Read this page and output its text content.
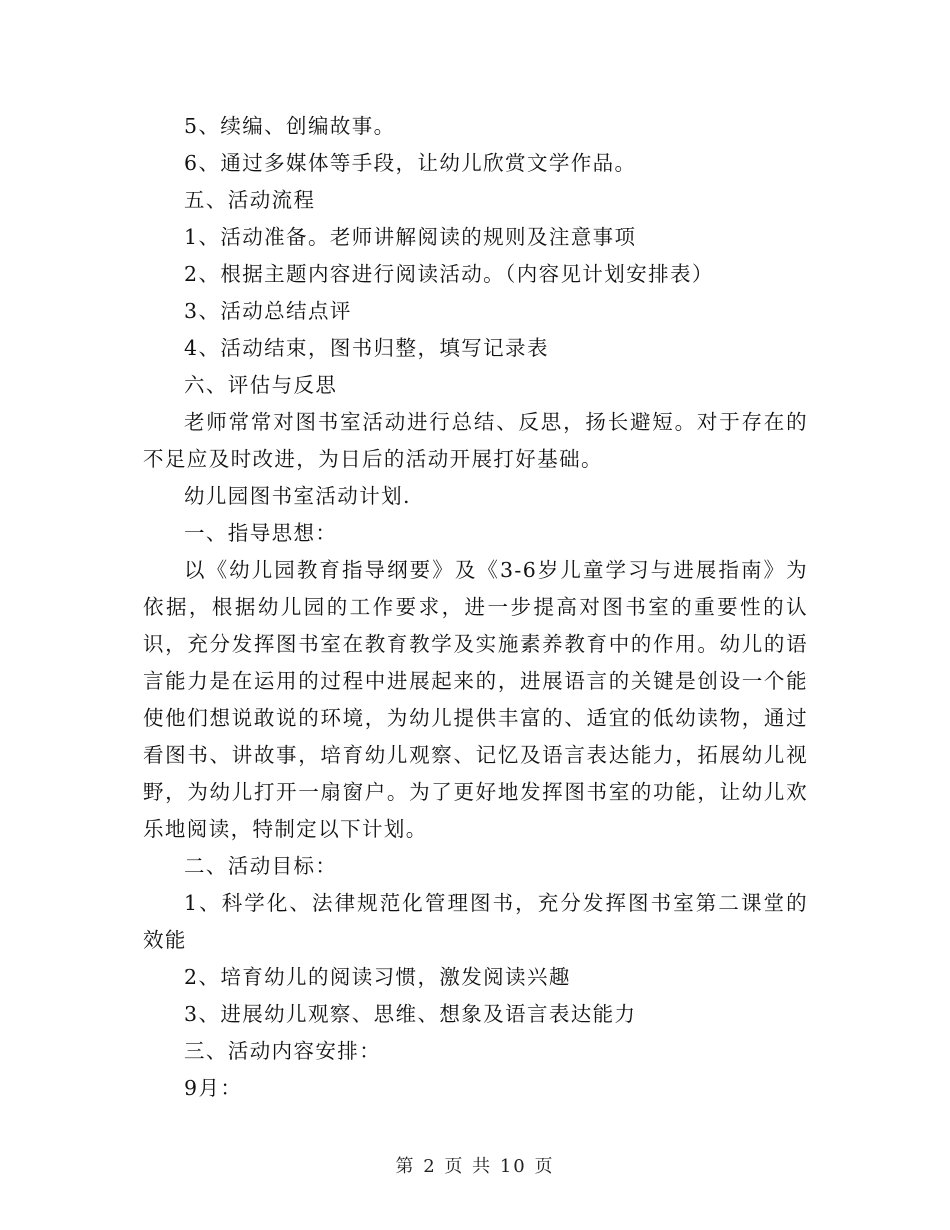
5、续编、创编故事。

6、通过多媒体等手段，让幼儿欣赏文学作品。

五、活动流程

1、活动准备。老师讲解阅读的规则及注意事项

2、根据主题内容进行阅读活动。（内容见计划安排表）

3、活动总结点评

4、活动结束，图书归整，填写记录表

六、评估与反思

老师常常对图书室活动进行总结、反思，扬长避短。对于存在的不足应及时改进，为日后的活动开展打好基础。

幼儿园图书室活动计划.

一、指导思想：

以《幼儿园教育指导纲要》及《3-6岁儿童学习与进展指南》为依据，根据幼儿园的工作要求，进一步提高对图书室的重要性的认识，充分发挥图书室在教育教学及实施素养教育中的作用。幼儿的语言能力是在运用的过程中进展起来的，进展语言的关键是创设一个能使他们想说敢说的环境，为幼儿提供丰富的、适宜的低幼读物，通过看图书、讲故事，培育幼儿观察、记忆及语言表达能力，拓展幼儿视野，为幼儿打开一扇窗户。为了更好地发挥图书室的功能，让幼儿欢乐地阅读，特制定以下计划。

二、活动目标：

1、科学化、法律规范化管理图书，充分发挥图书室第二课堂的效能

2、培育幼儿的阅读习惯，激发阅读兴趣

3、进展幼儿观察、思维、想象及语言表达能力

三、活动内容安排：

9月：

第 2 页 共 10 页
